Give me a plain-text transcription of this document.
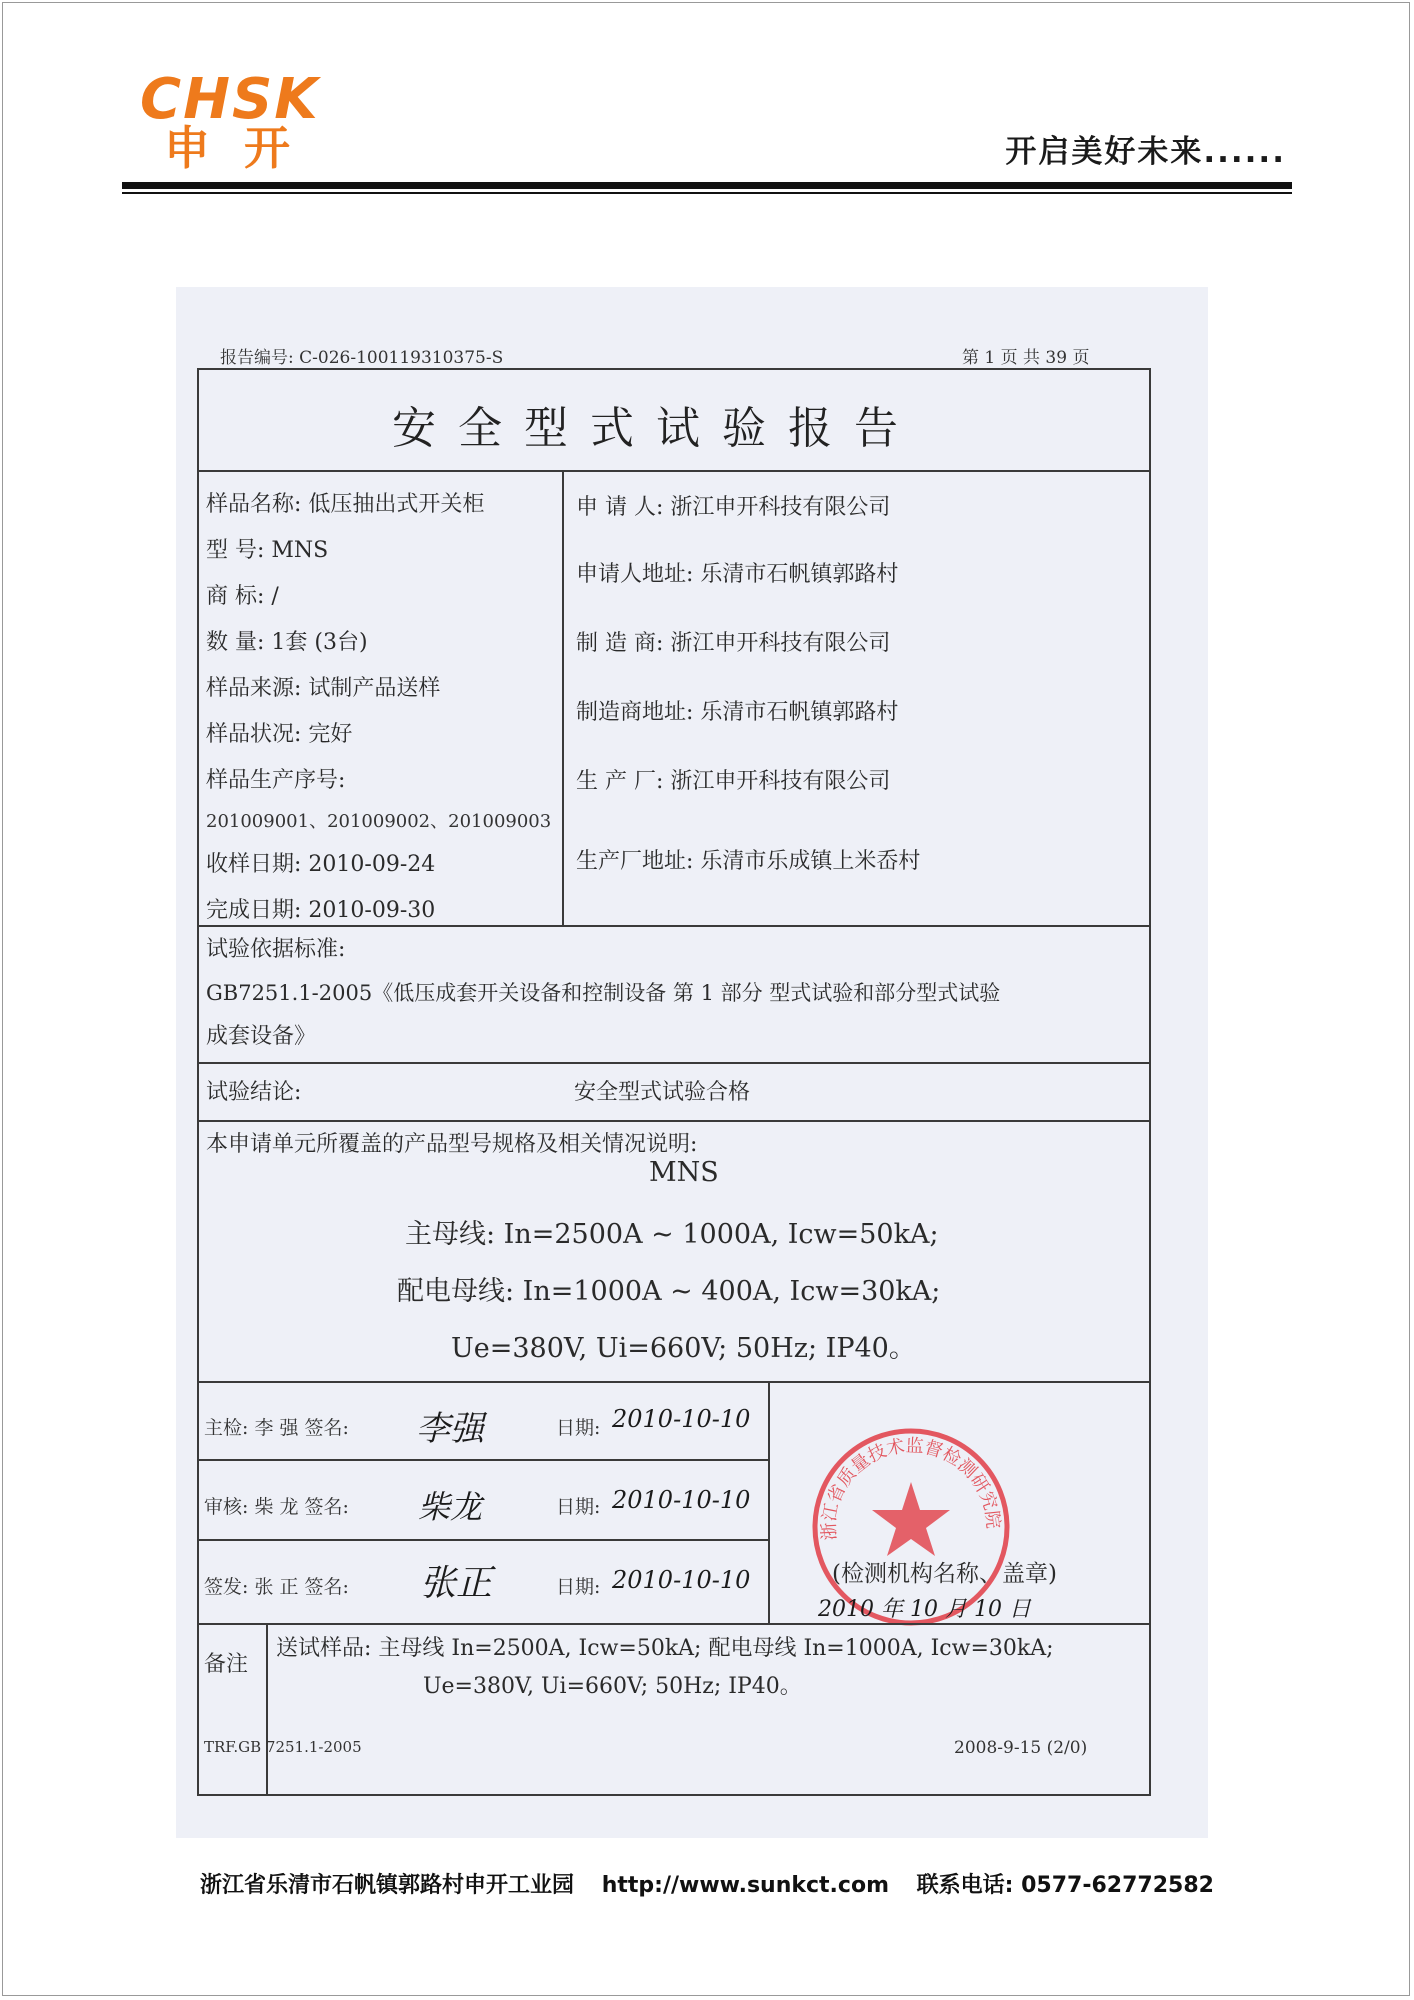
CHSK
申开	开启美好未来......
报告编号: C-026-100119310375-S	第 1 页 共 39 页
安全型式试验报告
样品名称: 低压抽出式开关柜
型 号: MNS
商 标: /
数 量: 1套 (3台)
样品来源: 试制产品送样
样品状况: 完好
样品生产序号:
201009001、201009002、201009003
收样日期: 2010-09-24
完成日期: 2010-09-30
申 请 人: 浙江申开科技有限公司
申请人地址: 乐清市石帆镇郭路村
制 造 商: 浙江申开科技有限公司
制造商地址: 乐清市石帆镇郭路村
生 产 厂: 浙江申开科技有限公司
生产厂地址: 乐清市乐成镇上米岙村
试验依据标准:
GB7251.1-2005《低压成套开关设备和控制设备 第 1 部分 型式试验和部分型式试验
成套设备》
试验结论:	安全型式试验合格
本申请单元所覆盖的产品型号规格及相关情况说明:
MNS
主母线: In=2500A ~ 1000A, Icw=50kA;
配电母线: In=1000A ~ 400A, Icw=30kA;
Ue=380V, Ui=660V; 50Hz; IP40。
主检: 李 强 签名: 李强	日期: 2010-10-10
审核: 柴 龙 签名: 柴龙	日期: 2010-10-10
签发: 张 正 签名: 张正	日期: 2010-10-10
浙江省质量技术监督检测研究院
(检测机构名称、盖章)
2010 年 10 月 10 日
备注
送试样品: 主母线 In=2500A, Icw=50kA; 配电母线 In=1000A, Icw=30kA;
Ue=380V, Ui=660V; 50Hz; IP40。
TRF.GB 7251.1-2005	2008-9-15 (2/0)
浙江省乐清市石帆镇郭路村申开工业园 http://www.sunkct.com 联系电话: 0577-62772582
